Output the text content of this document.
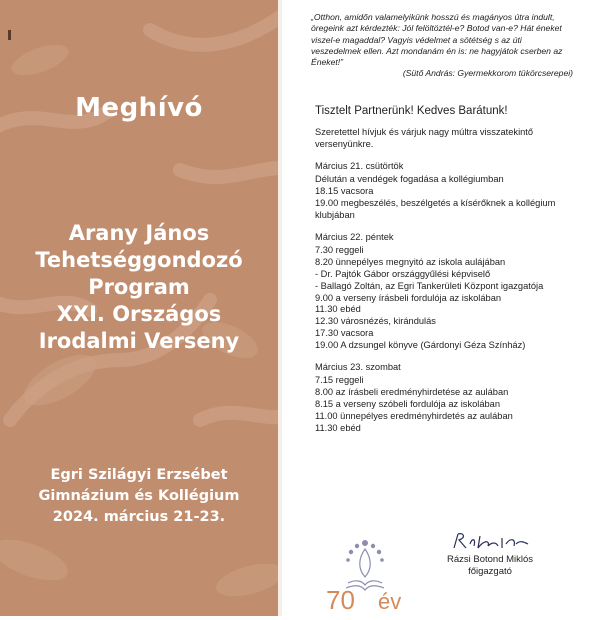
Meghívó
Arany János
Tehetséggondozó
Program
XXI. Országos
Irodalmi Verseny
Egri Szilágyi Erzsébet
Gimnázium és Kollégium
2024. március 21-23.
„Otthon, amidőn valamelyikünk hosszú és magányos útra indult, öregeink azt kérdezték: Jól felöltöztél-e? Botod van-e? Hát éneket viszel-e magaddal? Vagyis védelmet a sötétség s az úti veszedelmek ellen. Azt mondanám én is: ne hagyjátok cserben az Éneket!”
(Sütő András: Gyermekkorom tükörcserepei)
Tisztelt Partnerünk! Kedves Barátunk!
Szeretettel hívjuk és várjuk nagy múltra visszatekintő versenyünkre.
Március 21. csütörtök
Délután a vendégek fogadása a kollégiumban
18.15 vacsora
19.00 megbeszélés, beszélgetés a kísérőknek a kollégium klubjában
Március 22. péntek
7.30 reggeli
8.20 ünnepélyes megnyitó az iskola aulájában
- Dr. Pajtók Gábor országgyűlési képviselő
- Ballagó Zoltán, az Egri Tankerületi Központ igazgatója
9.00 a verseny írásbeli fordulója az iskolában
11.30 ebéd
12.30 városnézés, kirándulás
17.30 vacsora
19.00 A dzsungel könyve (Gárdonyi Géza Színház)
Március 23. szombat
7.15 reggeli
8.00 az írásbeli eredményhirdetése az aulában
8.15 a verseny szóbeli fordulója az iskolában
11.00 ünnepélyes eredményhirdetés az aulában
11.30 ebéd
70 év
Rázsi Botond Miklós
főigazgató
